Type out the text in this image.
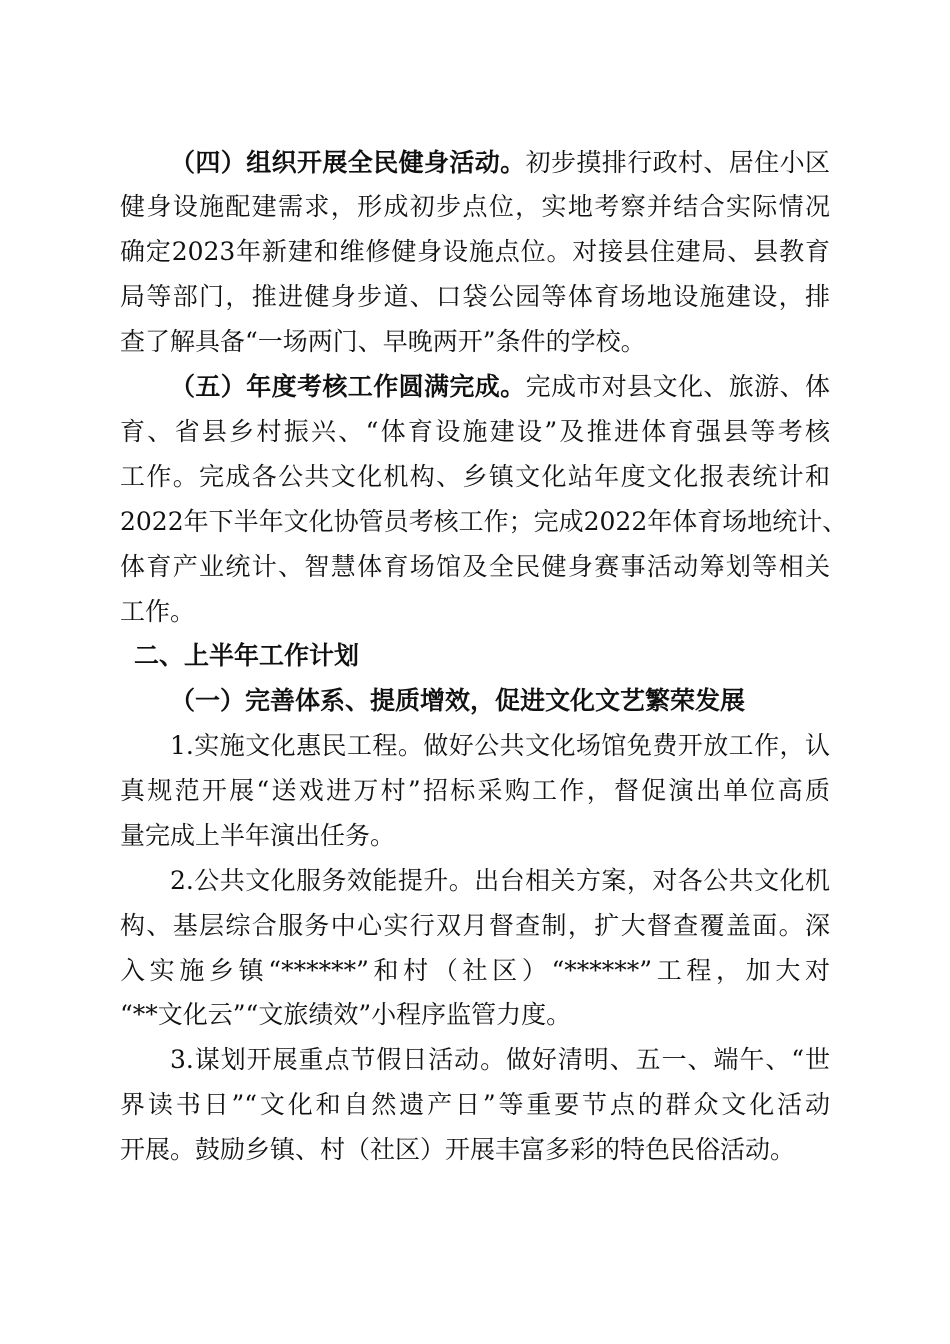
（四）组织开展全民健身活动。初步摸排行政村、居住小区
健身设施配建需求，形成初步点位，实地考察并结合实际情况
确定2023年新建和维修健身设施点位。对接县住建局、县教育
局等部门，推进健身步道、口袋公园等体育场地设施建设，排
查了解具备“一场两门、早晚两开”条件的学校。
（五）年度考核工作圆满完成。完成市对县文化、旅游、体
育、省县乡村振兴、“体育设施建设”及推进体育强县等考核
工作。完成各公共文化机构、乡镇文化站年度文化报表统计和
2022年下半年文化协管员考核工作；完成2022年体育场地统计、
体育产业统计、智慧体育场馆及全民健身赛事活动筹划等相关
工作。
二、上半年工作计划
（一）完善体系、提质增效，促进文化文艺繁荣发展
1.实施文化惠民工程。做好公共文化场馆免费开放工作，认
真规范开展“送戏进万村”招标采购工作，督促演出单位高质
量完成上半年演出任务。
2.公共文化服务效能提升。出台相关方案，对各公共文化机
构、基层综合服务中心实行双月督查制，扩大督查覆盖面。深
入实施乡镇“******”和村（社区）“******”工程，加大对
“**文化云”“文旅绩效”小程序监管力度。
3.谋划开展重点节假日活动。做好清明、五一、端午、“世
界读书日”“文化和自然遗产日”等重要节点的群众文化活动
开展。鼓励乡镇、村（社区）开展丰富多彩的特色民俗活动。
